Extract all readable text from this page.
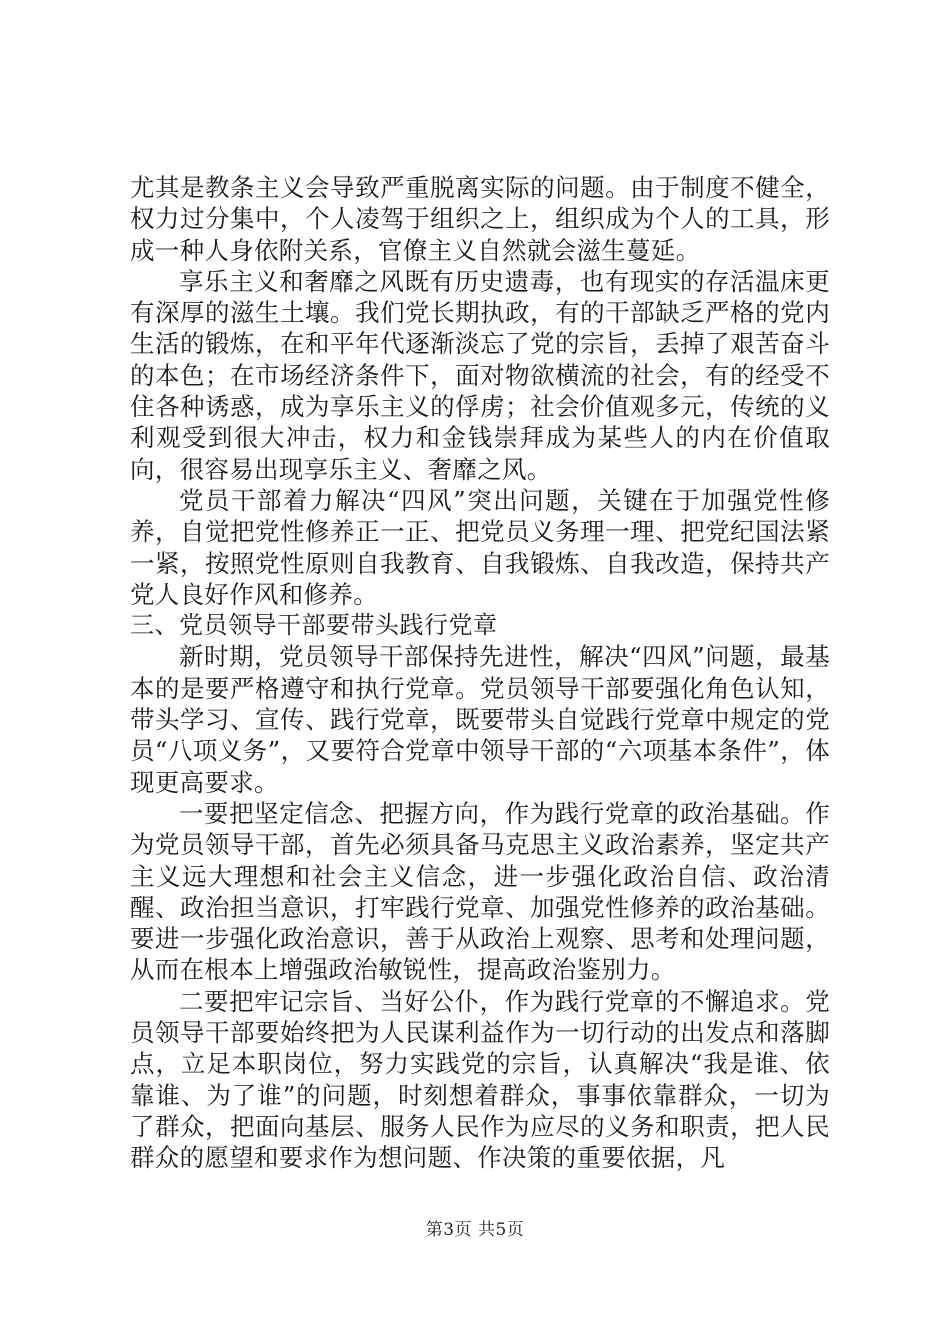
尤其是教条主义会导致严重脱离实际的问题。由于制度不健全，权力过分集中，个人凌驾于组织之上，组织成为个人的工具，形成一种人身依附关系，官僚主义自然就会滋生蔓延。

享乐主义和奢靡之风既有历史遗毒，也有现实的存活温床更有深厚的滋生土壤。我们党长期执政，有的干部缺乏严格的党内生活的锻炼，在和平年代逐渐淡忘了党的宗旨，丢掉了艰苦奋斗的本色；在市场经济条件下，面对物欲横流的社会，有的经受不住各种诱惑，成为享乐主义的俘虏；社会价值观多元，传统的义利观受到很大冲击，权力和金钱崇拜成为某些人的内在价值取向，很容易出现享乐主义、奢靡之风。

党员干部着力解决“四风”突出问题，关键在于加强党性修养，自觉把党性修养正一正、把党员义务理一理、把党纪国法紧一紧，按照党性原则自我教育、自我锻炼、自我改造，保持共产党人良好作风和修养。

三、党员领导干部要带头践行党章

新时期，党员领导干部保持先进性，解决“四风”问题，最基本的是要严格遵守和执行党章。党员领导干部要强化角色认知，带头学习、宣传、践行党章，既要带头自觉践行党章中规定的党员“八项义务”，又要符合党章中领导干部的“六项基本条件”，体现更高要求。

一要把坚定信念、把握方向，作为践行党章的政治基础。作为党员领导干部，首先必须具备马克思主义政治素养，坚定共产主义远大理想和社会主义信念，进一步强化政治自信、政治清醒、政治担当意识，打牢践行党章、加强党性修养的政治基础。要进一步强化政治意识，善于从政治上观察、思考和处理问题，从而在根本上增强政治敏锐性，提高政治鉴别力。

二要把牢记宗旨、当好公仆，作为践行党章的不懈追求。党员领导干部要始终把为人民谋利益作为一切行动的出发点和落脚点，立足本职岗位，努力实践党的宗旨，认真解决“我是谁、依靠谁、为了谁”的问题，时刻想着群众，事事依靠群众，一切为了群众，把面向基层、服务人民作为应尽的义务和职责，把人民群众的愿望和要求作为想问题、作决策的重要依据，凡

第3页 共5页
